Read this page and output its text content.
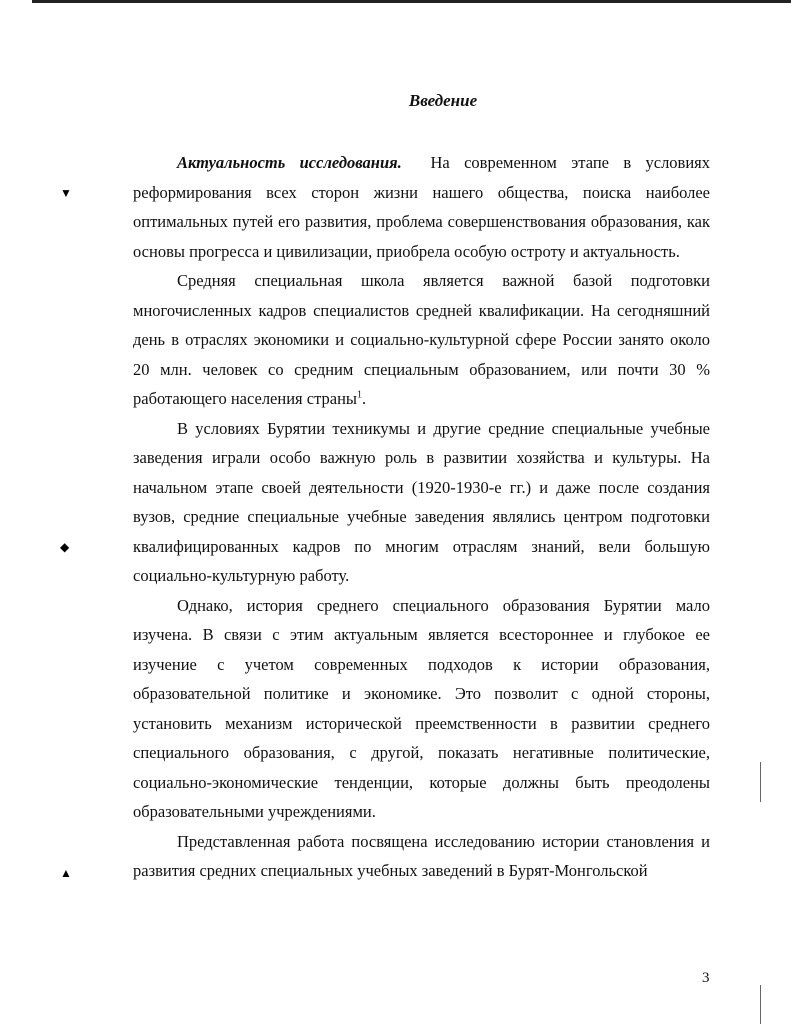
Введение
▼
◆
▲

Актуальность исследования. На современном этапе в условиях реформирования всех сторон жизни нашего общества, поиска наиболее оптимальных путей его развития, проблема совершенствования образования, как основы прогресса и цивилизации, приобрела особую остроту и актуальность.

Средняя специальная школа является важной базой подготовки многочисленных кадров специалистов средней квалификации. На сегодняшний день в отраслях экономики и социально-культурной сфере России занято около 20 млн. человек со средним специальным образованием, или почти 30 % работающего населения страны$^1$.

В условиях Бурятии техникумы и другие средние специальные учебные заведения играли особо важную роль в развитии хозяйства и культуры. На начальном этапе своей деятельности (1920-1930-е гг.) и даже после создания вузов, средние специальные учебные заведения являлись центром подготовки квалифицированных кадров по многим отраслям знаний, вели большую социально-культурную работу.

Однако, история среднего специального образования Бурятии мало изучена. В связи с этим актуальным является всестороннее и глубокое ее изучение с учетом современных подходов к истории образования, образовательной политике и экономике. Это позволит с одной стороны, установить механизм исторической преемственности в развитии среднего специального образования, с другой, показать негативные политические, социально-экономические тенденции, которые должны быть преодолены образовательными учреждениями.

Представленная работа посвящена исследованию истории становления и развития средних специальных учебных заведений в Бурят-Монгольской

3
